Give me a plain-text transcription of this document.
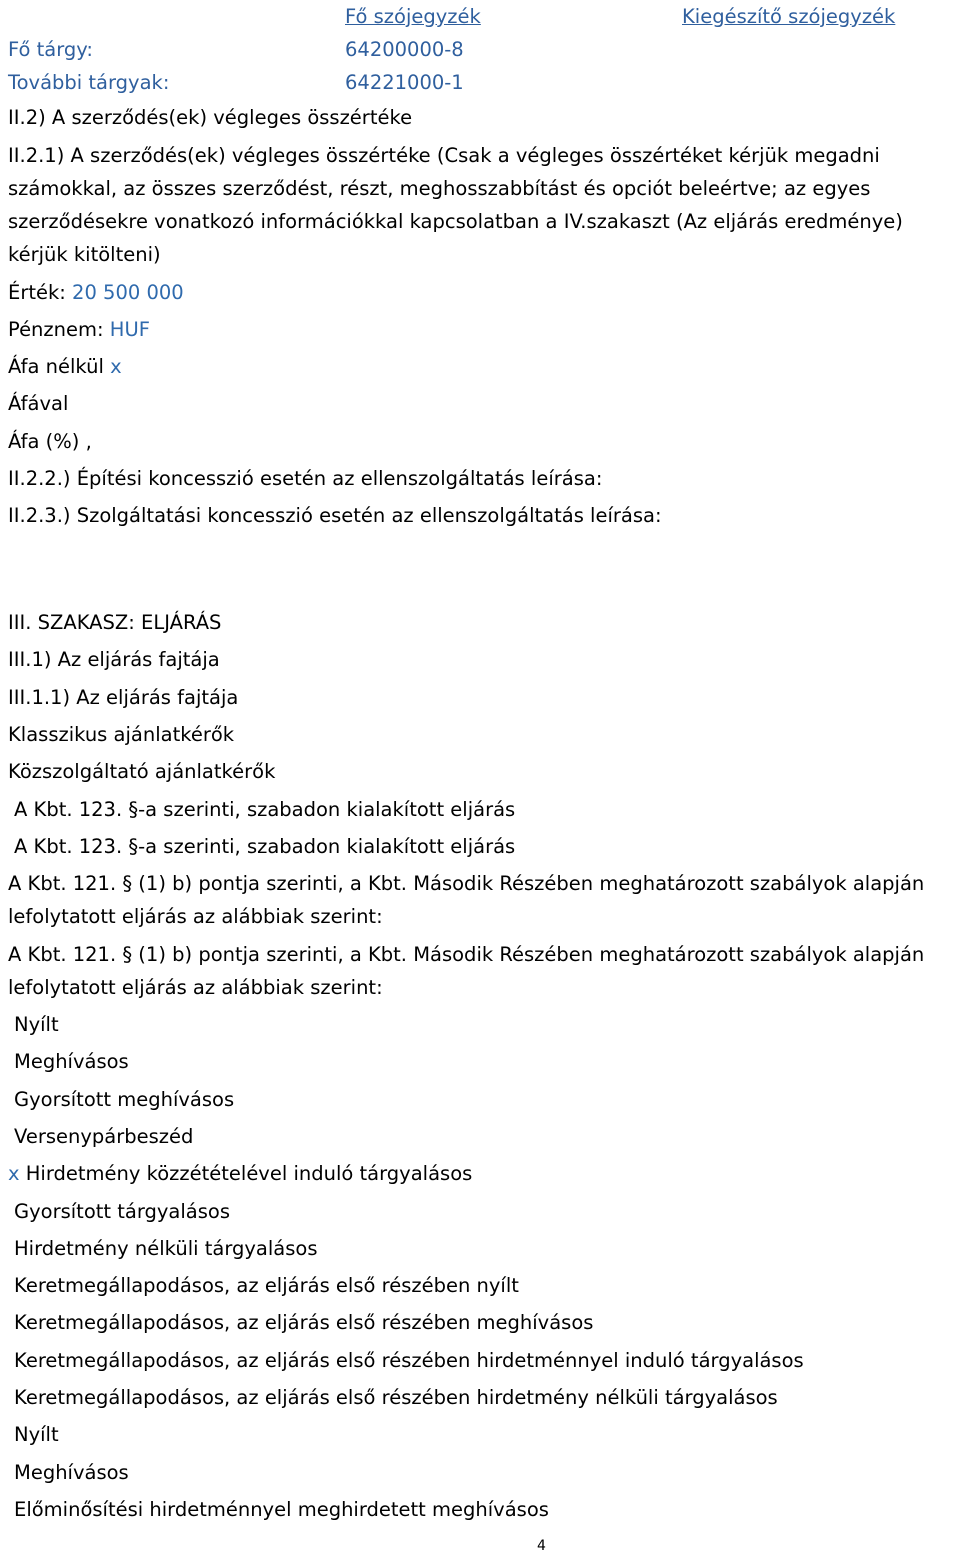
Fő szójegyzék	Kiegészítő szójegyzék
Fő tárgy:	64200000-8
További tárgyak:	64221000-1
II.2) A szerződés(ek) végleges összértéke
II.2.1) A szerződés(ek) végleges összértéke (Csak a végleges összértéket kérjük megadni
számokkal, az összes szerződést, részt, meghosszabbítást és opciót beleértve; az egyes
szerződésekre vonatkozó információkkal kapcsolatban a IV.szakaszt (Az eljárás eredménye)
kérjük kitölteni)
Érték: 20 500 000
Pénznem: HUF
Áfa nélkül x
Áfával
Áfa (%) ,
II.2.2.) Építési koncesszió esetén az ellenszolgáltatás leírása:
II.2.3.) Szolgáltatási koncesszió esetén az ellenszolgáltatás leírása:
III. SZAKASZ: ELJÁRÁS
III.1) Az eljárás fajtája
III.1.1) Az eljárás fajtája
Klasszikus ajánlatkérők
Közszolgáltató ajánlatkérők
A Kbt. 123. §-a szerinti, szabadon kialakított eljárás
A Kbt. 123. §-a szerinti, szabadon kialakított eljárás
A Kbt. 121. § (1) b) pontja szerinti, a Kbt. Második Részében meghatározott szabályok alapján
lefolytatott eljárás az alábbiak szerint:
A Kbt. 121. § (1) b) pontja szerinti, a Kbt. Második Részében meghatározott szabályok alapján
lefolytatott eljárás az alábbiak szerint:
Nyílt
Meghívásos
Gyorsított meghívásos
Versenypárbeszéd
x Hirdetmény közzétételével induló tárgyalásos
Gyorsított tárgyalásos
Hirdetmény nélküli tárgyalásos
Keretmegállapodásos, az eljárás első részében nyílt
Keretmegállapodásos, az eljárás első részében meghívásos
Keretmegállapodásos, az eljárás első részében hirdetménnyel induló tárgyalásos
Keretmegállapodásos, az eljárás első részében hirdetmény nélküli tárgyalásos
Nyílt
Meghívásos
Előminősítési hirdetménnyel meghirdetett meghívásos
4
